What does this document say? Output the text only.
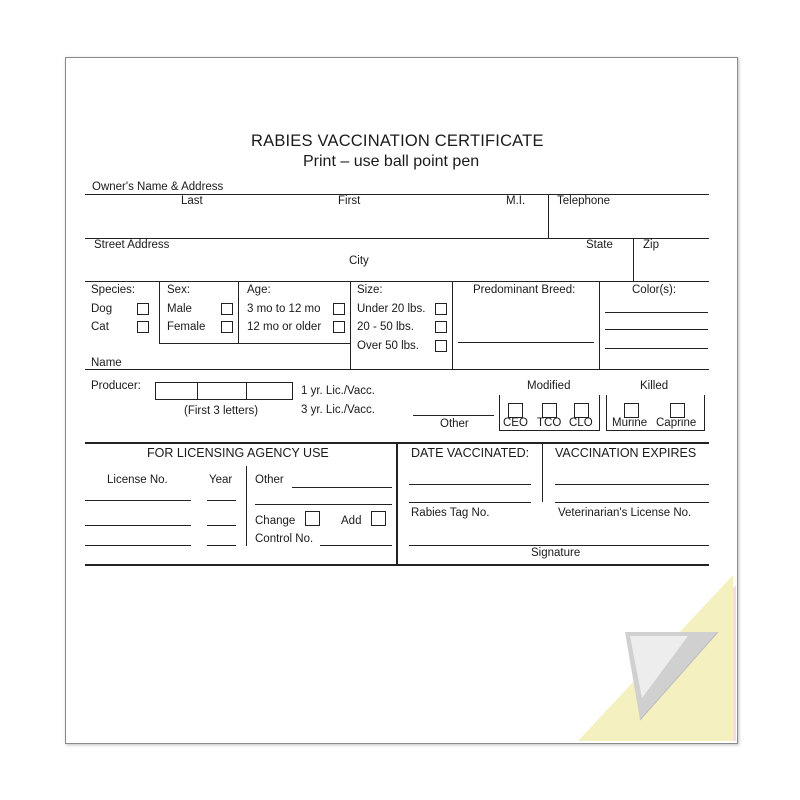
RABIES VACCINATION CERTIFICATE
Print – use ball point pen
Owner's Name & Address
Last	First	M.I.	Telephone
Street Address	State	Zip
City
Species:
Dog
Cat
Sex:
Male
Female
Age:
3 mo to 12 mo
12 mo or older
Size:
Under 20 lbs.
20 - 50 lbs.
Over 50 lbs.
Predominant Breed:	Color(s):
Name
Producer:
(First 3 letters)
1 yr. Lic./Vacc.
3 yr. Lic./Vacc.
Other
Modified
CEO TCO CLO
Killed
Murine Caprine
FOR LICENSING AGENCY USE
License No.	Year Other
Change	Add
Control No.
DATE VACCINATED:
Rabies Tag No.
VACCINATION EXPIRES
Veterinarian's License No.
Signature
